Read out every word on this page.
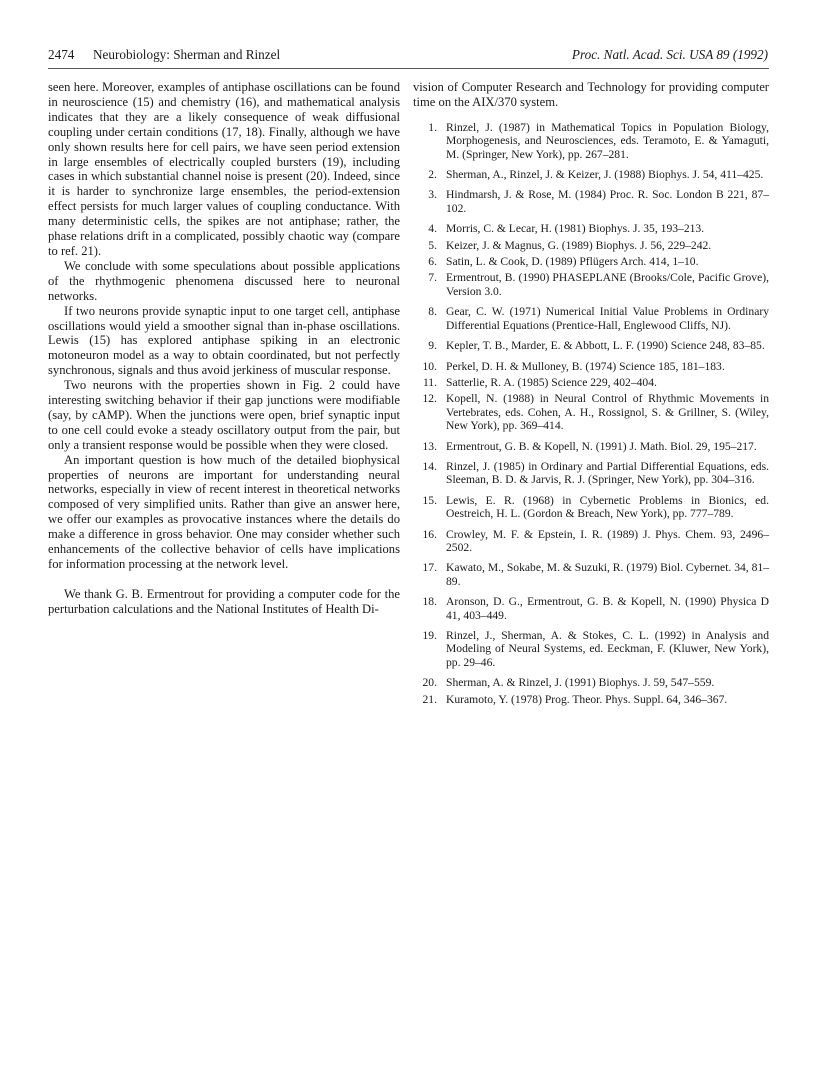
2474 Neurobiology: Sherman and Rinzel	Proc. Natl. Acad. Sci. USA 89 (1992)

seen here. Moreover, examples of antiphase oscillations can be found in neuroscience (15) and chemistry (16), and mathematical analysis indicates that they are a likely consequence of weak diffusional coupling under certain conditions (17, 18). Finally, although we have only shown results here for cell pairs, we have seen period extension in large ensembles of electrically coupled bursters (19), including cases in which substantial channel noise is present (20). Indeed, since it is harder to synchronize large ensembles, the period-extension effect persists for much larger values of coupling conductance. With many deterministic cells, the spikes are not antiphase; rather, the phase relations drift in a complicated, possibly chaotic way (compare to ref. 21).

We conclude with some speculations about possible applications of the rhythmogenic phenomena discussed here to neuronal networks.

If two neurons provide synaptic input to one target cell, antiphase oscillations would yield a smoother signal than in-phase oscillations. Lewis (15) has explored antiphase spiking in an electronic motoneuron model as a way to obtain coordinated, but not perfectly synchronous, signals and thus avoid jerkiness of muscular response.

Two neurons with the properties shown in Fig. 2 could have interesting switching behavior if their gap junctions were modifiable (say, by cAMP). When the junctions were open, brief synaptic input to one cell could evoke a steady oscillatory output from the pair, but only a transient response would be possible when they were closed.

An important question is how much of the detailed biophysical properties of neurons are important for understanding neural networks, especially in view of recent interest in theoretical networks composed of very simplified units. Rather than give an answer here, we offer our examples as provocative instances where the details do make a difference in gross behavior. One may consider whether such enhancements of the collective behavior of cells have implications for information processing at the network level.

We thank G. B. Ermentrout for providing a computer code for the perturbation calculations and the National Institutes of Health Di-

vision of Computer Research and Technology for providing computer time on the AIX/370 system.

1. Rinzel, J. (1987) in Mathematical Topics in Population Biology, Morphogenesis, and Neurosciences, eds. Teramoto, E. & Yamaguti, M. (Springer, New York), pp. 267–281.
2. Sherman, A., Rinzel, J. & Keizer, J. (1988) Biophys. J. 54, 411–425.
3. Hindmarsh, J. & Rose, M. (1984) Proc. R. Soc. London B 221, 87–102.
4. Morris, C. & Lecar, H. (1981) Biophys. J. 35, 193–213.
5. Keizer, J. & Magnus, G. (1989) Biophys. J. 56, 229–242.
6. Satin, L. & Cook, D. (1989) Pflügers Arch. 414, 1–10.
7. Ermentrout, B. (1990) PHASEPLANE (Brooks/Cole, Pacific Grove), Version 3.0.
8. Gear, C. W. (1971) Numerical Initial Value Problems in Ordinary Differential Equations (Prentice-Hall, Englewood Cliffs, NJ).
9. Kepler, T. B., Marder, E. & Abbott, L. F. (1990) Science 248, 83–85.
10. Perkel, D. H. & Mulloney, B. (1974) Science 185, 181–183.
11. Satterlie, R. A. (1985) Science 229, 402–404.
12. Kopell, N. (1988) in Neural Control of Rhythmic Movements in Vertebrates, eds. Cohen, A. H., Rossignol, S. & Grillner, S. (Wiley, New York), pp. 369–414.
13. Ermentrout, G. B. & Kopell, N. (1991) J. Math. Biol. 29, 195–217.
14. Rinzel, J. (1985) in Ordinary and Partial Differential Equations, eds. Sleeman, B. D. & Jarvis, R. J. (Springer, New York), pp. 304–316.
15. Lewis, E. R. (1968) in Cybernetic Problems in Bionics, ed. Oestreich, H. L. (Gordon & Breach, New York), pp. 777–789.
16. Crowley, M. F. & Epstein, I. R. (1989) J. Phys. Chem. 93, 2496–2502.
17. Kawato, M., Sokabe, M. & Suzuki, R. (1979) Biol. Cybernet. 34, 81–89.
18. Aronson, D. G., Ermentrout, G. B. & Kopell, N. (1990) Physica D 41, 403–449.
19. Rinzel, J., Sherman, A. & Stokes, C. L. (1992) in Analysis and Modeling of Neural Systems, ed. Eeckman, F. (Kluwer, New York), pp. 29–46.
20. Sherman, A. & Rinzel, J. (1991) Biophys. J. 59, 547–559.
21. Kuramoto, Y. (1978) Prog. Theor. Phys. Suppl. 64, 346–367.
